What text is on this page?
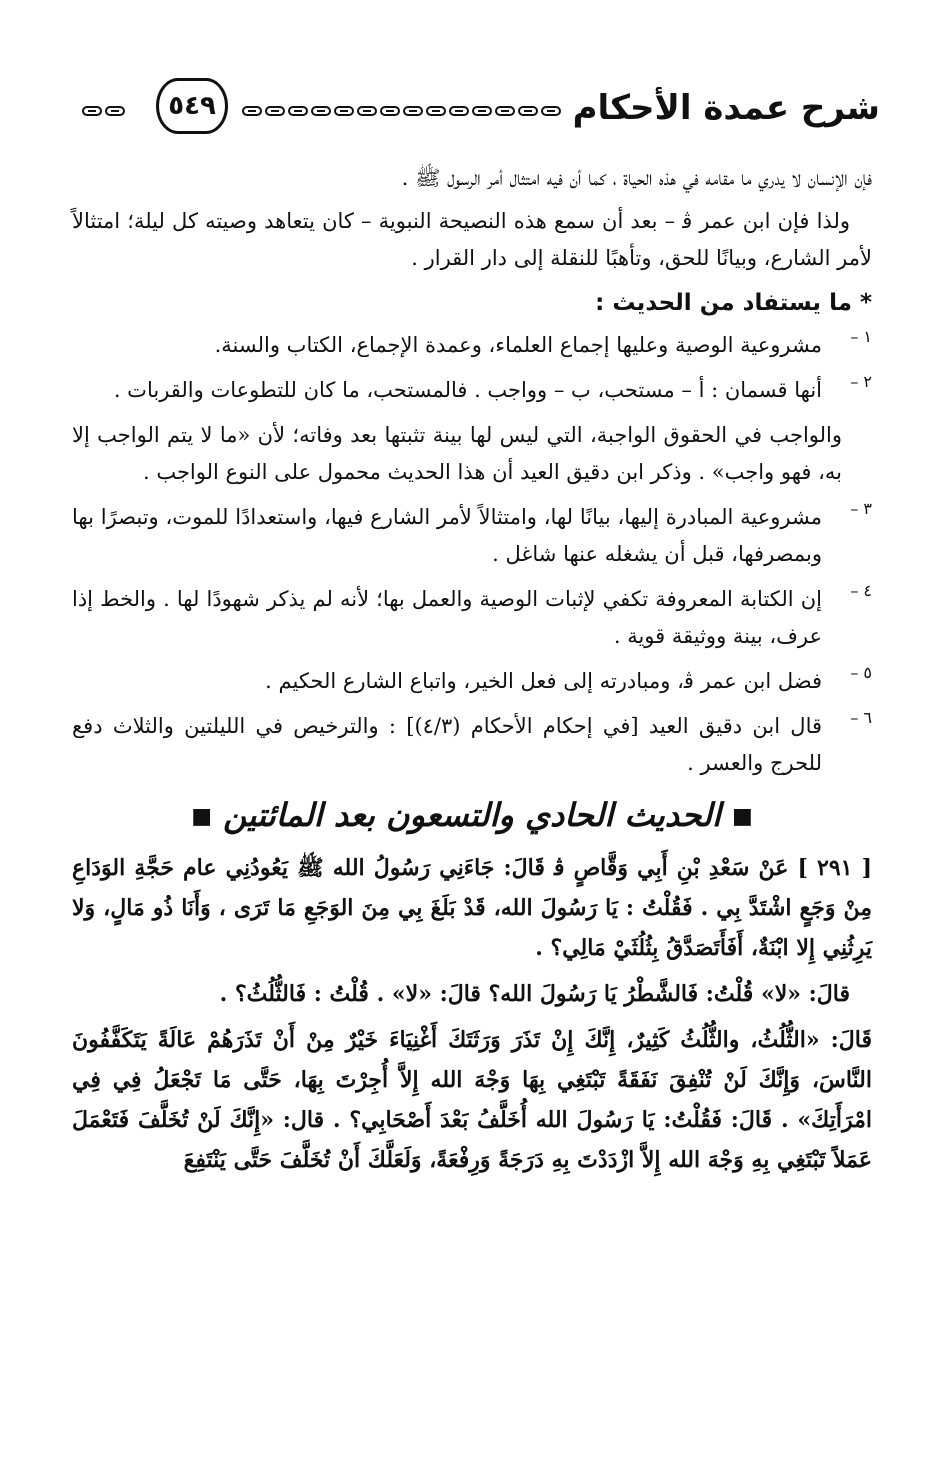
شرح عمدة الأحكام
٥٤٩

فإن الإنسان لا يدري ما مقامه في هذه الحياة ، كما أن فيه امتثال أمر الرسول ﷺ .

ولذا فإن ابن عمر ﭬ – بعد أن سمع هذه النصيحة النبوية – كان يتعاهد وصيته كل ليلة؛ امتثالاً لأمر الشارع، وبيانًا للحق، وتأهبًا للنقلة إلى دار القرار .

* ما يستفاد من الحديث :
١ –

مشروعية الوصية وعليها إجماع العلماء، وعمدة الإجماع، الكتاب والسنة.

٢ –

أنها قسمان : أ – مستحب، ب – وواجب . فالمستحب، ما كان للتطوعات والقربات .

والواجب في الحقوق الواجبة، التي ليس لها بينة تثبتها بعد وفاته؛ لأن «ما لا يتم الواجب إلا به، فهو واجب» . وذكر ابن دقيق العيد أن هذا الحديث محمول على النوع الواجب .

٣ –

مشروعية المبادرة إليها، بيانًا لها، وامتثالاً لأمر الشارع فيها، واستعدادًا للموت، وتبصرًا بها وبمصرفها، قبل أن يشغله عنها شاغل .

٤ –

إن الكتابة المعروفة تكفي لإثبات الوصية والعمل بها؛ لأنه لم يذكر شهودًا لها . والخط إذا عرف، بينة ووثيقة قوية .

٥ –

فضل ابن عمر ﭬ، ومبادرته إلى فعل الخير، واتباع الشارع الحكيم .

٦ –

قال ابن دقيق العيد [في إحكام الأحكام (٤/٣)] : والترخيص في الليلتين والثلاث دفع للحرج والعسر .

■ الحديث الحادي والتسعون بعد المائتين ■

[ ٢٩١ ] عَنْ سَعْدِ بْنِ أَبِي وَقَّاصٍ ﭬ قَالَ: جَاءَنِي رَسُولُ الله ﷺ يَعُودُنِي عام حَجَّةِ الوَدَاعِ مِنْ وَجَعٍ اشْتَدَّ بِي . فَقُلْتُ : يَا رَسُولَ الله، قَدْ بَلَغَ بِي مِنَ الوَجَعِ مَا تَرَى ، وَأَنَا ذُو مَالٍ، وَلا يَرِثُنِي إِلا ابْنَةٌ، أَفَأَتَصَدَّقُ بِثُلُثَيْ مَالِي؟ .

قالَ: «لا» قُلْتُ: فَالشَّطْرُ يَا رَسُولَ الله؟ قالَ: «لا» . قُلْتُ : فَالثُّلُثُ؟ .

قَالَ: «الثُّلُثُ، والثُّلُثُ كَثِيرٌ، إِنَّكَ إِنْ تَذَرَ وَرَثَتَكَ أَغْنِيَاءَ خَيْرٌ مِنْ أَنْ تَذَرَهُمْ عَالَةً يَتَكَفَّفُونَ النَّاسَ، وَإِنَّكَ لَنْ تُنْفِقَ نَفَقَةً تَبْتَغِي بِهَا وَجْهَ الله إِلاَّ أُجِرْتَ بِهَا، حَتَّى مَا تَجْعَلُ فِي فِي امْرَأَتِكَ» . قَالَ: فَقُلْتُ: يَا رَسُولَ الله أُخَلَّفُ بَعْدَ أَصْحَابِي؟ . قال: «إِنَّكَ لَنْ تُخَلَّفَ فَتَعْمَلَ عَمَلاً تَبْتَغِي بِهِ وَجْهَ الله إِلاَّ ازْدَدْتَ بِهِ دَرَجَةً وَرِفْعَةً، وَلَعَلَّكَ أَنْ تُخَلَّفَ حَتَّى يَنْتَفِعَ
